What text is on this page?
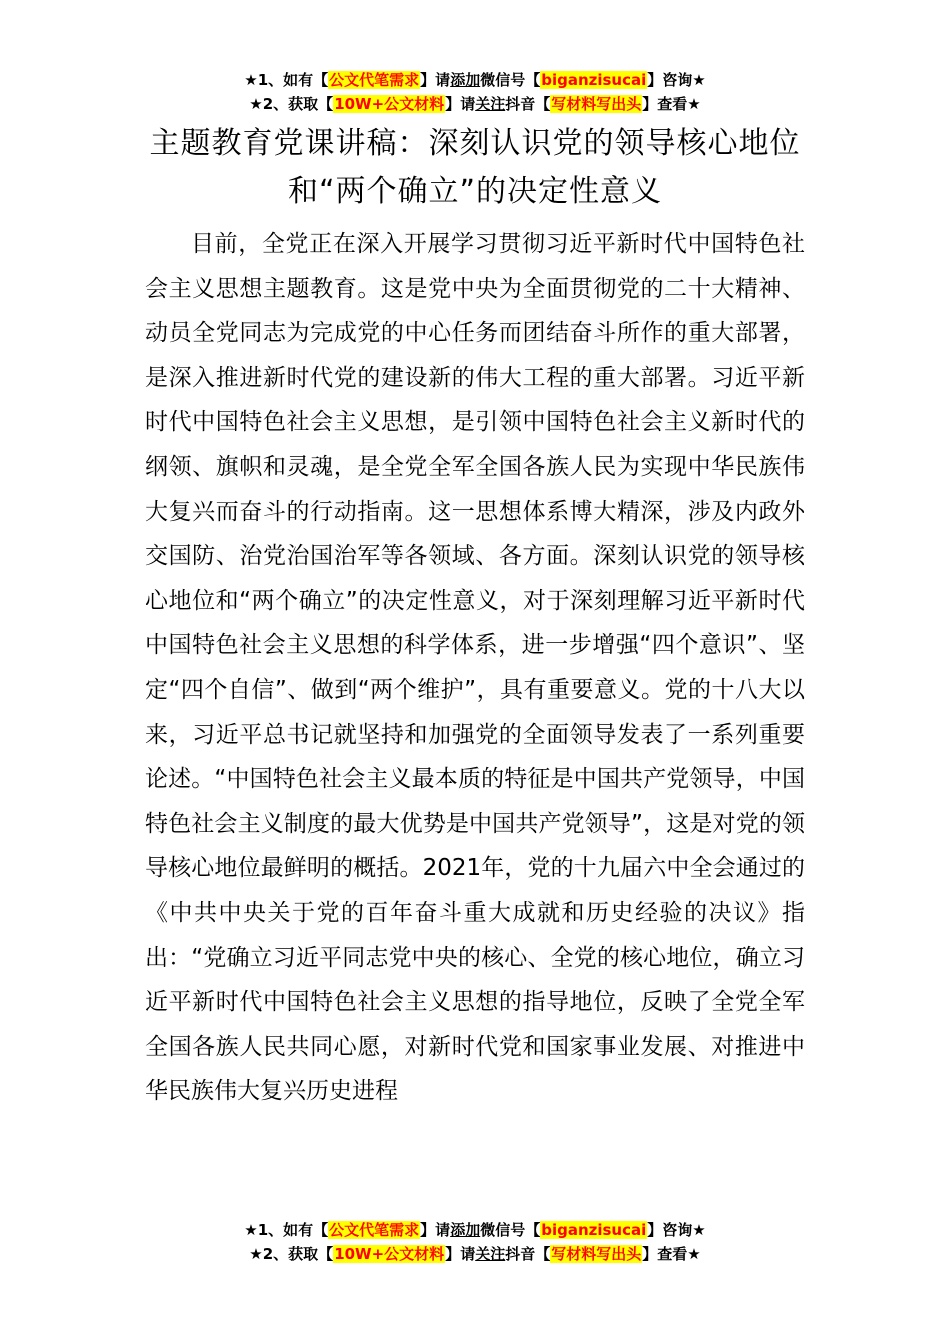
★1、如有【公文代笔需求】请添加微信号【biganzisucai】咨询★
★2、获取【10W+公文材料】请关注抖音【写材料写出头】查看★
主题教育党课讲稿：深刻认识党的领导核心地位和“两个确立”的决定性意义

目前，全党正在深入开展学习贯彻习近平新时代中国特色社会主义思想主题教育。这是党中央为全面贯彻党的二十大精神、动员全党同志为完成党的中心任务而团结奋斗所作的重大部署，是深入推进新时代党的建设新的伟大工程的重大部署。习近平新时代中国特色社会主义思想，是引领中国特色社会主义新时代的纲领、旗帜和灵魂，是全党全军全国各族人民为实现中华民族伟大复兴而奋斗的行动指南。这一思想体系博大精深，涉及内政外交国防、治党治国治军等各领域、各方面。深刻认识党的领导核心地位和“两个确立”的决定性意义，对于深刻理解习近平新时代中国特色社会主义思想的科学体系，进一步增强“四个意识”、坚定“四个自信”、做到“两个维护”，具有重要意义。党的十八大以来，习近平总书记就坚持和加强党的全面领导发表了一系列重要论述。“中国特色社会主义最本质的特征是中国共产党领导，中国特色社会主义制度的最大优势是中国共产党领导”，这是对党的领导核心地位最鲜明的概括。2021年，党的十九届六中全会通过的《中共中央关于党的百年奋斗重大成就和历史经验的决议》指出：“党确立习近平同志党中央的核心、全党的核心地位，确立习近平新时代中国特色社会主义思想的指导地位，反映了全党全军全国各族人民共同心愿，对新时代党和国家事业发展、对推进中华民族伟大复兴历史进程

★1、如有【公文代笔需求】请添加微信号【biganzisucai】咨询★
★2、获取【10W+公文材料】请关注抖音【写材料写出头】查看★
